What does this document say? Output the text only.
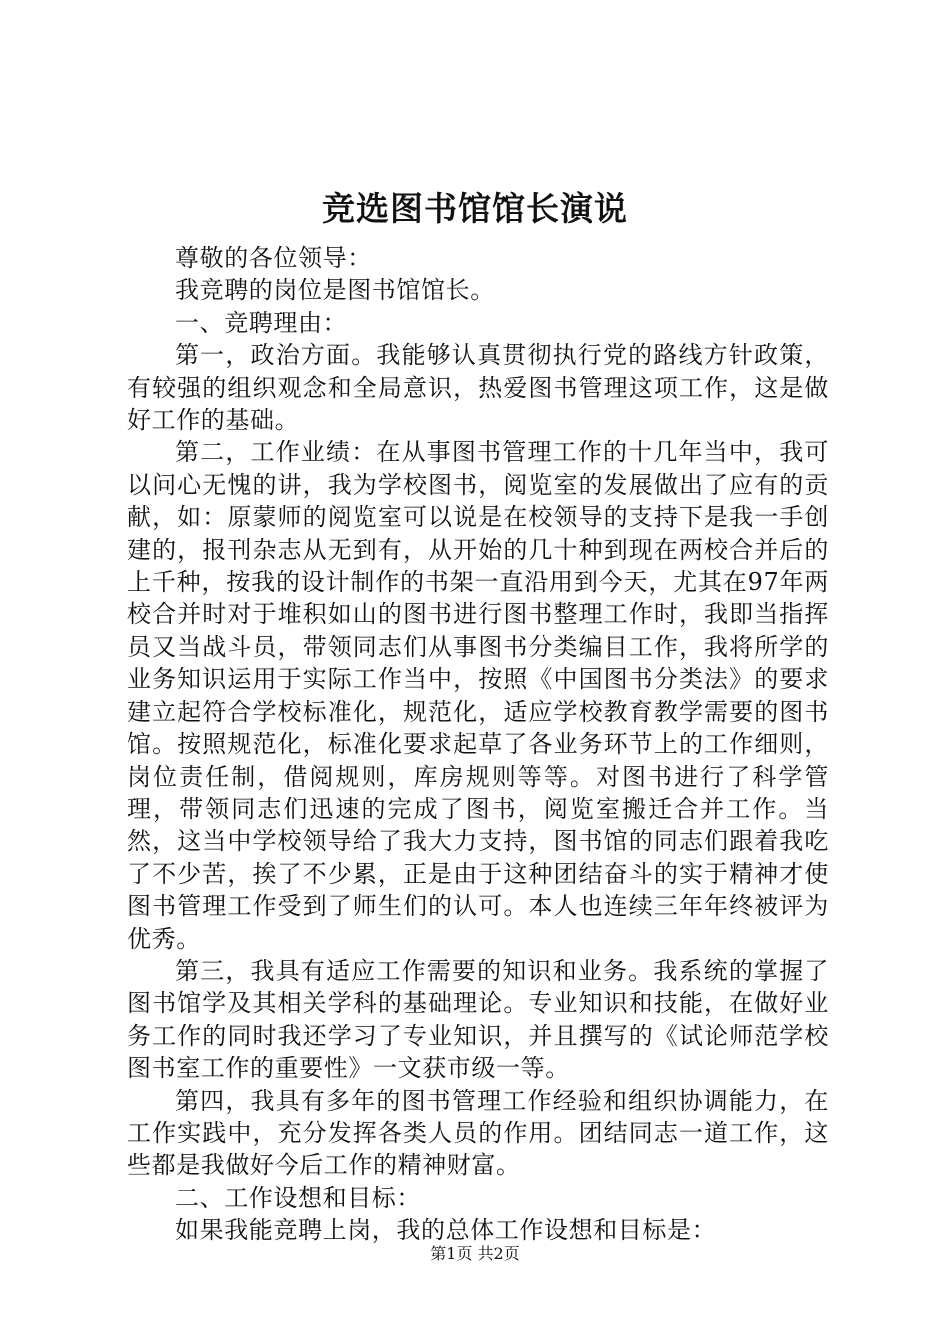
竞选图书馆馆长演说

尊敬的各位领导：

我竞聘的岗位是图书馆馆长。

一、竞聘理由：

第一，政治方面。我能够认真贯彻执行党的路线方针政策，有较强的组织观念和全局意识，热爱图书管理这项工作，这是做好工作的基础。

第二，工作业绩：在从事图书管理工作的十几年当中，我可以问心无愧的讲，我为学校图书，阅览室的发展做出了应有的贡献，如：原蒙师的阅览室可以说是在校领导的支持下是我一手创建的，报刊杂志从无到有，从开始的几十种到现在两校合并后的上千种，按我的设计制作的书架一直沿用到今天，尤其在97年两校合并时对于堆积如山的图书进行图书整理工作时，我即当指挥员又当战斗员，带领同志们从事图书分类编目工作，我将所学的业务知识运用于实际工作当中，按照《中国图书分类法》的要求建立起符合学校标准化，规范化，适应学校教育教学需要的图书馆。按照规范化，标准化要求起草了各业务环节上的工作细则，岗位责任制，借阅规则，库房规则等等。对图书进行了科学管理，带领同志们迅速的完成了图书，阅览室搬迁合并工作。当然，这当中学校领导给了我大力支持，图书馆的同志们跟着我吃了不少苦，挨了不少累，正是由于这种团结奋斗的实于精神才使图书管理工作受到了师生们的认可。本人也连续三年年终被评为优秀。

第三，我具有适应工作需要的知识和业务。我系统的掌握了图书馆学及其相关学科的基础理论。专业知识和技能，在做好业务工作的同时我还学习了专业知识，并且撰写的《试论师范学校图书室工作的重要性》一文获市级一等。

第四，我具有多年的图书管理工作经验和组织协调能力，在工作实践中，充分发挥各类人员的作用。团结同志一道工作，这些都是我做好今后工作的精神财富。

二、工作设想和目标：

如果我能竞聘上岗，我的总体工作设想和目标是：

第1页 共2页
